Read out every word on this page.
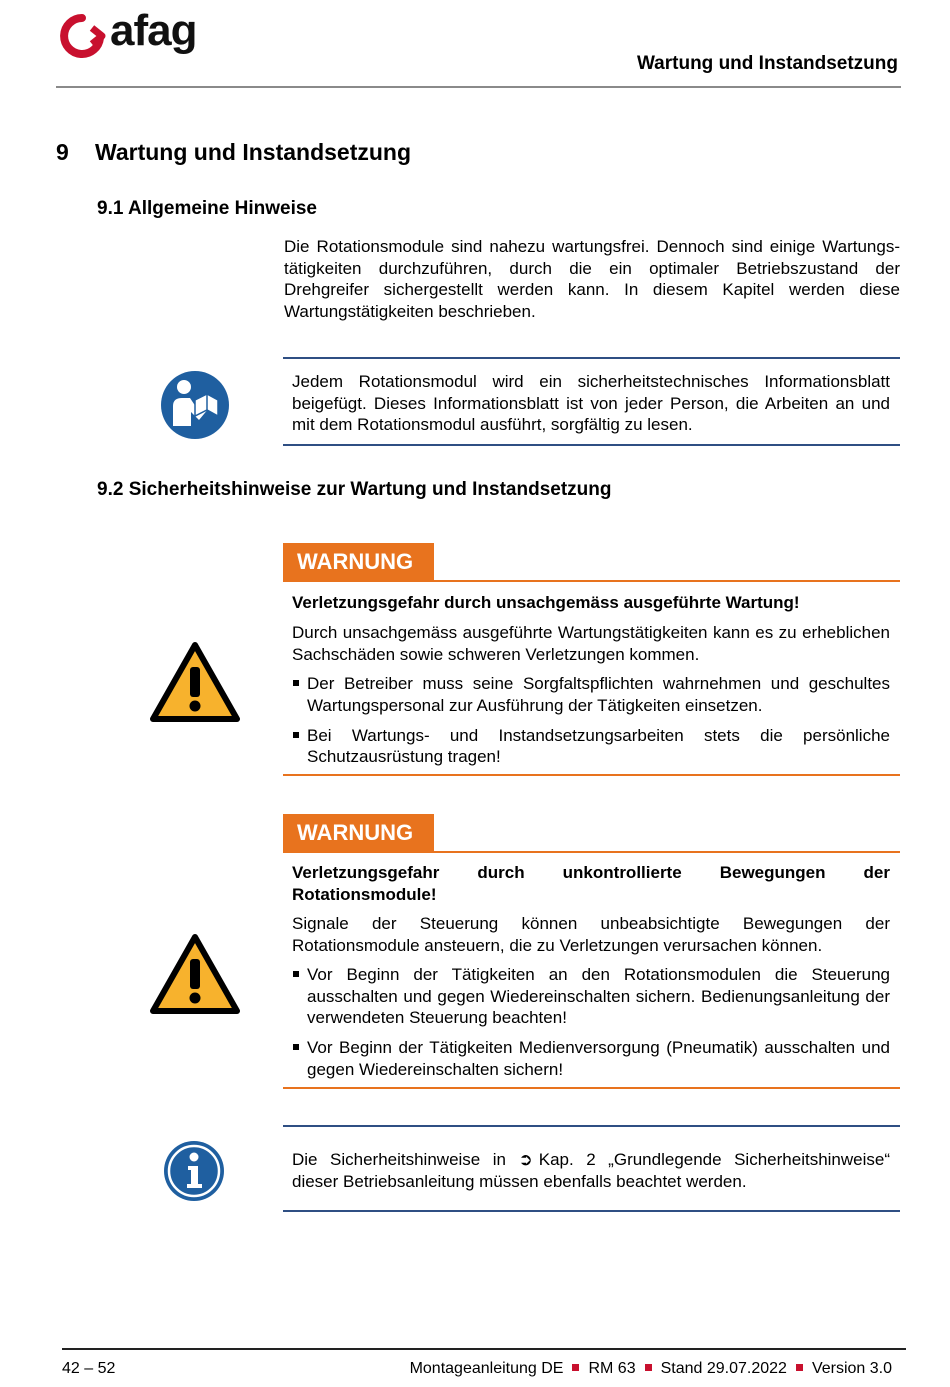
afag
Wartung und Instandsetzung
9 Wartung und Instandsetzung
9.1 Allgemeine Hinweise
Die Rotationsmodule sind nahezu wartungsfrei. Dennoch sind einige Wartungstätigkeiten durchzuführen, durch die ein optimaler Betriebszustand der Drehgreifer sichergestellt werden kann. In diesem Kapitel werden diese Wartungstätigkeiten beschrieben.
Jedem Rotationsmodul wird ein sicherheitstechnisches Informationsblatt beigefügt. Dieses Informationsblatt ist von jeder Person, die Arbeiten an und mit dem Rotationsmodul ausführt, sorgfältig zu lesen.
9.2 Sicherheitshinweise zur Wartung und Instandsetzung
WARNUNG
Verletzungsgefahr durch unsachgemäss ausgeführte Wartung!
Durch unsachgemäss ausgeführte Wartungstätigkeiten kann es zu erheblichen Sachschäden sowie schweren Verletzungen kommen.
Der Betreiber muss seine Sorgfaltspflichten wahrnehmen und geschultes Wartungspersonal zur Ausführung der Tätigkeiten einsetzen.
Bei Wartungs- und Instandsetzungsarbeiten stets die persönliche Schutzausrüstung tragen!
WARNUNG
Verletzungsgefahr durch unkontrollierte Bewegungen der Rotationsmodule!
Signale der Steuerung können unbeabsichtigte Bewegungen der Rotationsmodule ansteuern, die zu Verletzungen verursachen können.
Vor Beginn der Tätigkeiten an den Rotationsmodulen die Steuerung ausschalten und gegen Wiedereinschalten sichern. Bedienungsanleitung der verwendeten Steuerung beachten!
Vor Beginn der Tätigkeiten Medienversorgung (Pneumatik) ausschalten und gegen Wiedereinschalten sichern!
Die Sicherheitshinweise in ➲ Kap. 2 „Grundlegende Sicherheitshinweise“ dieser Betriebsanleitung müssen ebenfalls beachtet werden.
42 – 52	Montageanleitung DE RM 63 Stand 29.07.2022 Version 3.0
